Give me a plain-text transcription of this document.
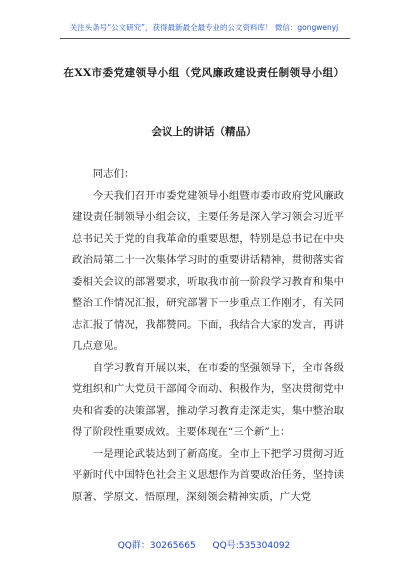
关注头条号“公文研究”，获得最新最全最专业的公文资料库！ 微信：gongwenyj
在XX市委党建领导小组（党风廉政建设责任制领导小组）
会议上的讲话（精品）

同志们：

今天我们召开市委党建领导小组暨市委市政府党风廉政建设责任制领导小组会议，主要任务是深入学习领会习近平总书记关于党的自我革命的重要思想，特别是总书记在中央政治局第二十一次集体学习时的重要讲话精神，贯彻落实省委相关会议的部署要求，听取我市前一阶段学习教育和集中整治工作情况汇报，研究部署下一步重点工作刚才，有关同志汇报了情况，我都赞同。下面，我结合大家的发言，再讲几点意见。

自学习教育开展以来，在市委的坚强领导下，全市各级党组织和广大党员干部闻令而动、积极作为，坚决贯彻党中央和省委的决策部署，推动学习教育走深走实，集中整治取得了阶段性重要成效。主要体现在“三个新”上：

一是理论武装达到了新高度。全市上下把学习贯彻习近平新时代中国特色社会主义思想作为首要政治任务，坚持读原著、学原文、悟原理，深刻领会精神实质，广大党

QQ群：30265665 QQ号:535304092
